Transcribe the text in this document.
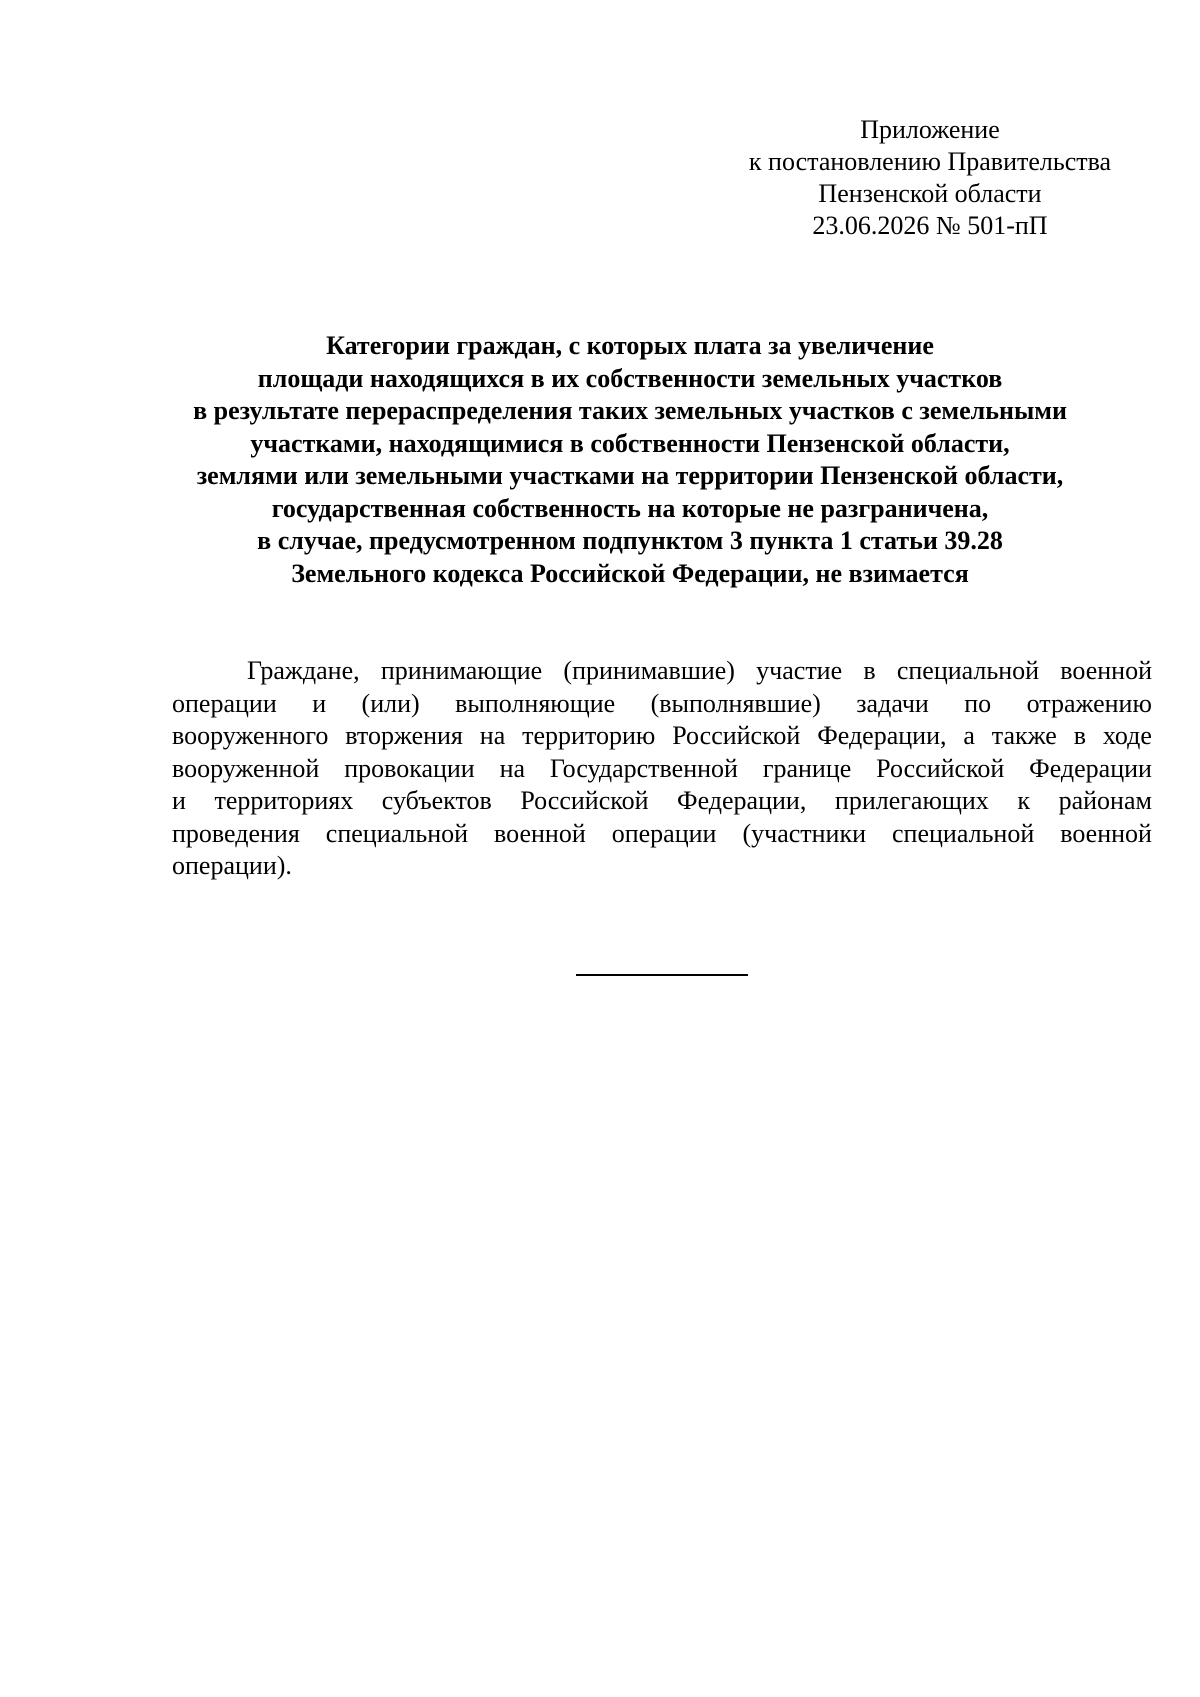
Приложение
к постановлению Правительства
Пензенской области
23.06.2026 № 501-пП
Категории граждан, с которых плата за увеличение
площади находящихся в их собственности земельных участков
в результате перераспределения таких земельных участков с земельными
участками, находящимися в собственности Пензенской области,
землями или земельными участками на территории Пензенской области,
государственная собственность на которые не разграничена,
в случае, предусмотренном подпунктом 3 пункта 1 статьи 39.28
Земельного кодекса Российской Федерации, не взимается
Граждане, принимающие (принимавшие) участие в специальной военной
операции и (или) выполняющие (выполнявшие) задачи по отражению
вооруженного вторжения на территорию Российской Федерации, а также в ходе
вооруженной провокации на Государственной границе Российской Федерации
и территориях субъектов Российской Федерации, прилегающих к районам
проведения специальной военной операции (участники специальной военной
операции).
